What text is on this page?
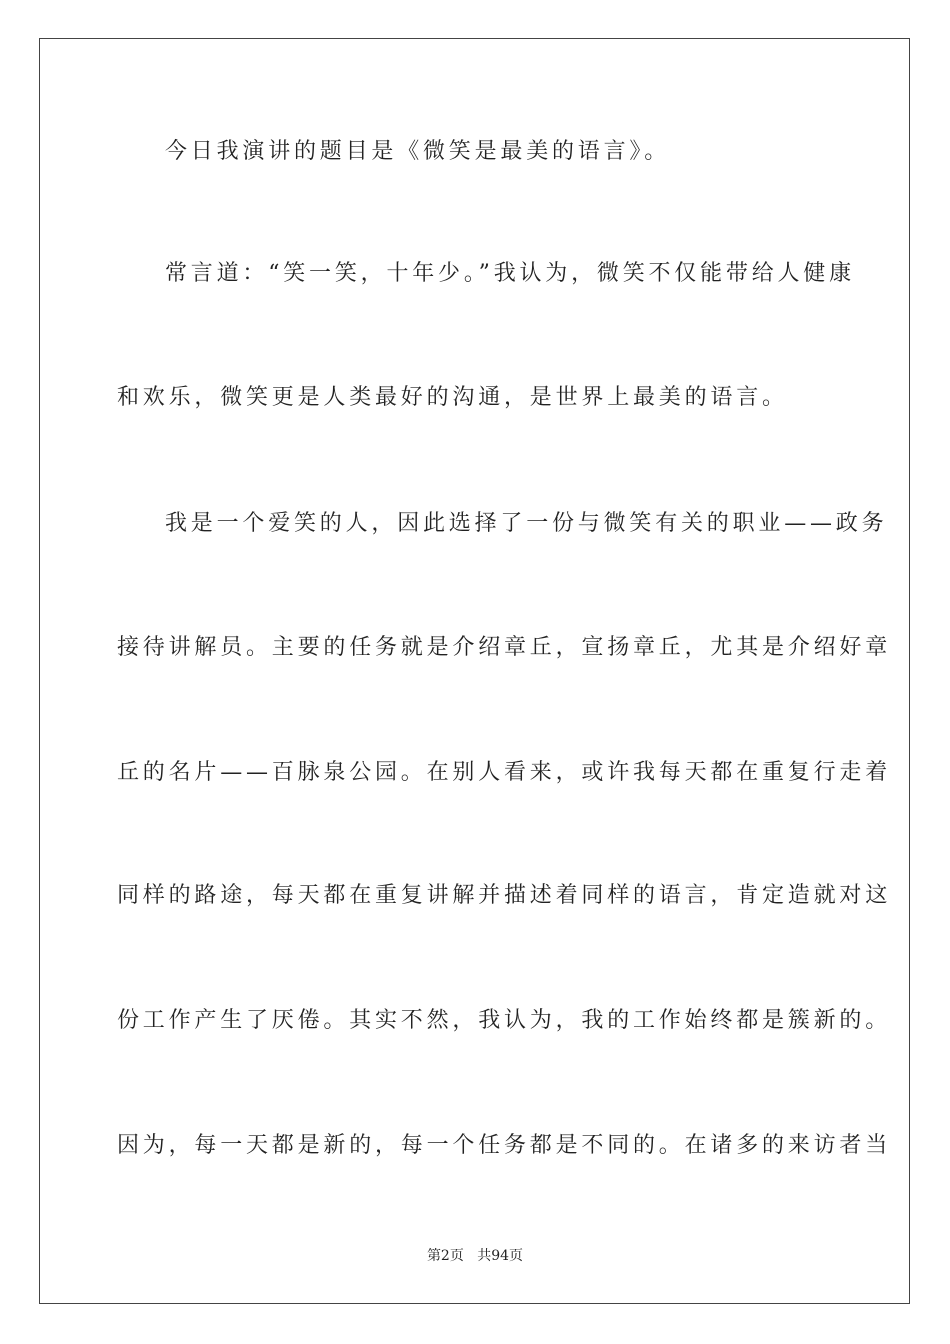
今日我演讲的题目是《微笑是最美的语言》。
常言道：“笑一笑，十年少。”我认为，微笑不仅能带给人健康
和欢乐，微笑更是人类最好的沟通，是世界上最美的语言。
我是一个爱笑的人，因此选择了一份与微笑有关的职业——政务
接待讲解员。主要的任务就是介绍章丘，宣扬章丘，尤其是介绍好章
丘的名片——百脉泉公园。在别人看来，或许我每天都在重复行走着
同样的路途，每天都在重复讲解并描述着同样的语言，肯定造就对这
份工作产生了厌倦。其实不然，我认为，我的工作始终都是簇新的。
因为，每一天都是新的，每一个任务都是不同的。在诸多的来访者当
第2页 共94页
